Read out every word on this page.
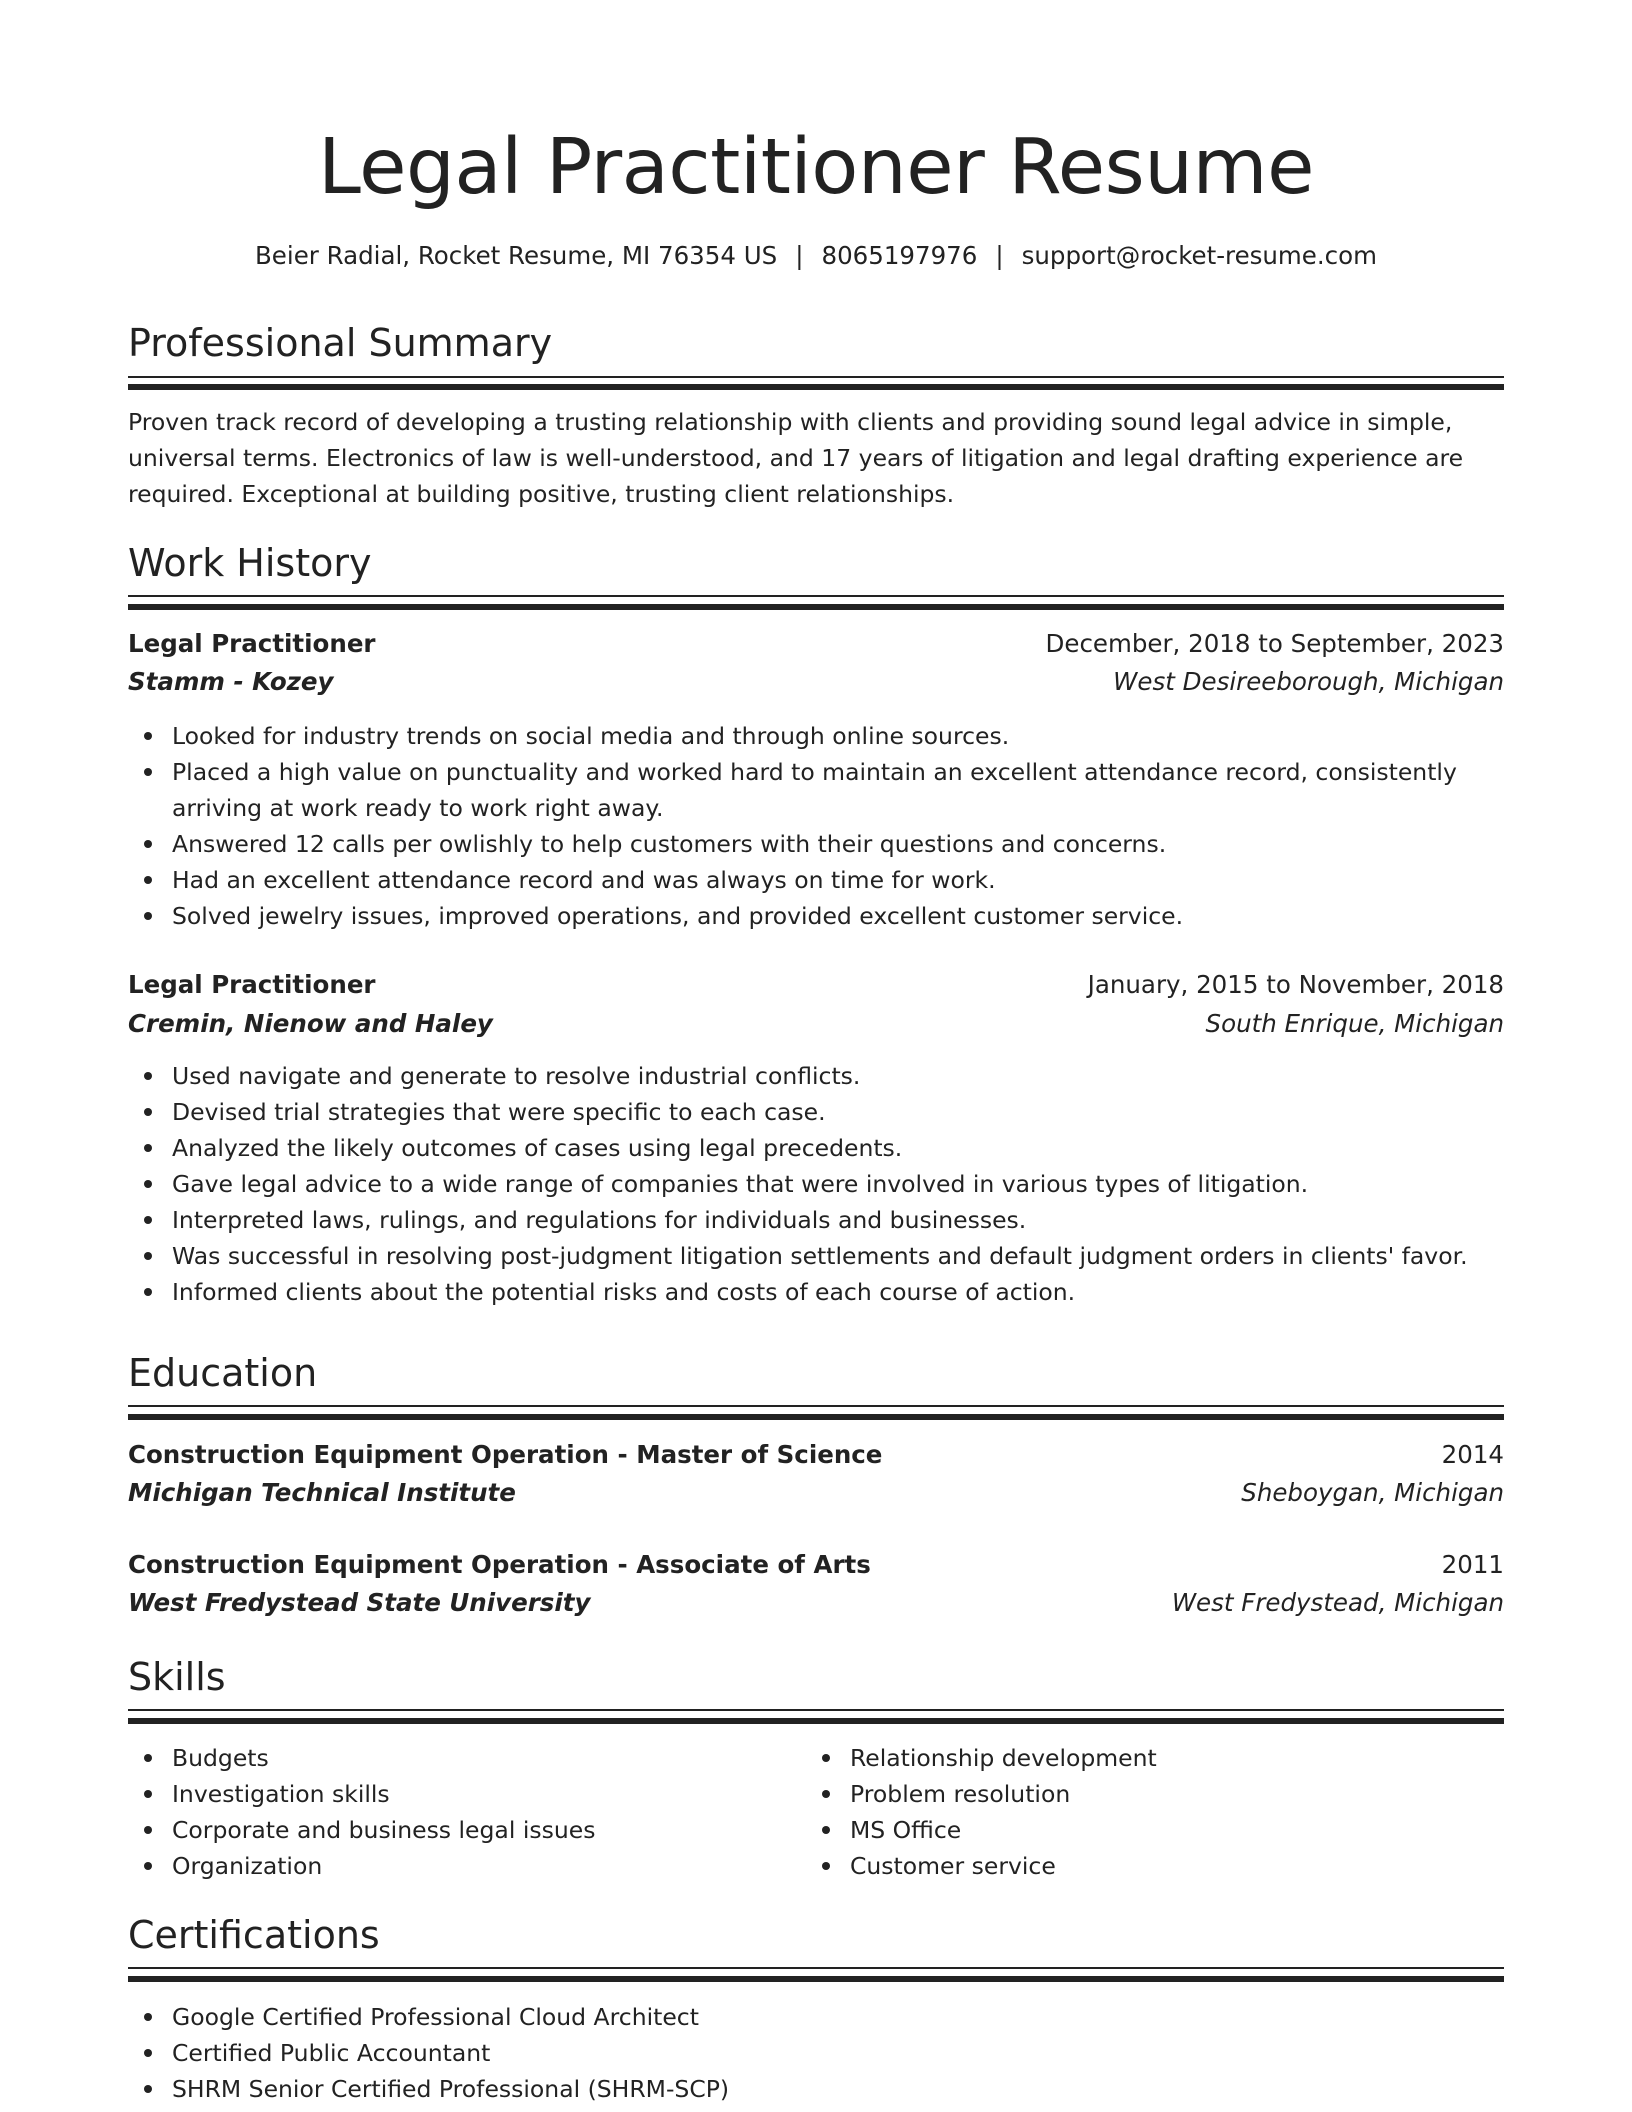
Legal Practitioner Resume
Beier Radial, Rocket Resume, MI 76354 US | 8065197976 | support@rocket-resume.com
Professional Summary
Proven track record of developing a trusting relationship with clients and providing sound legal advice in simple,
universal terms. Electronics of law is well-understood, and 17 years of litigation and legal drafting experience are
required. Exceptional at building positive, trusting client relationships.
Work History
Legal Practitioner	December, 2018 to September, 2023
Stamm - Kozey	West Desireeborough, Michigan
Looked for industry trends on social media and through online sources.
Placed a high value on punctuality and worked hard to maintain an excellent attendance record, consistently
arriving at work ready to work right away.
Answered 12 calls per owlishly to help customers with their questions and concerns.
Had an excellent attendance record and was always on time for work.
Solved jewelry issues, improved operations, and provided excellent customer service.
Legal Practitioner	January, 2015 to November, 2018
Cremin, Nienow and Haley	South Enrique, Michigan
Used navigate and generate to resolve industrial conflicts.
Devised trial strategies that were specific to each case.
Analyzed the likely outcomes of cases using legal precedents.
Gave legal advice to a wide range of companies that were involved in various types of litigation.
Interpreted laws, rulings, and regulations for individuals and businesses.
Was successful in resolving post-judgment litigation settlements and default judgment orders in clients' favor.
Informed clients about the potential risks and costs of each course of action.
Education
Construction Equipment Operation - Master of Science	2014
Michigan Technical Institute	Sheboygan, Michigan
Construction Equipment Operation - Associate of Arts	2011
West Fredystead State University	West Fredystead, Michigan
Skills
Budgets
Investigation skills
Corporate and business legal issues
Organization
Relationship development
Problem resolution
MS Office
Customer service
Certifications
Google Certified Professional Cloud Architect
Certified Public Accountant
SHRM Senior Certified Professional (SHRM-SCP)
